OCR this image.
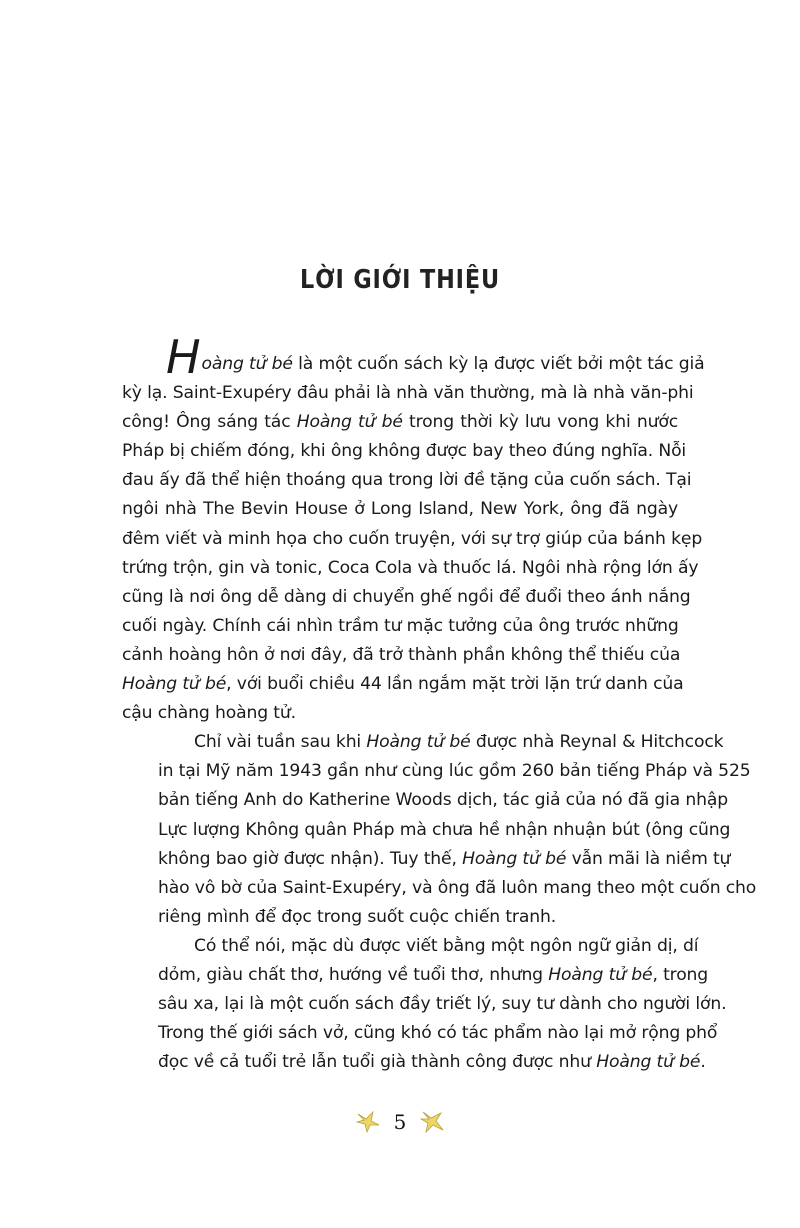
LỜI GIỚI THIỆU

Hoàng tử bé là một cuốn sách kỳ lạ được viết bởi một tác giả
kỳ lạ. Saint-Exupéry đâu phải là nhà văn thường, mà là nhà văn-phi
công! Ông sáng tác Hoàng tử bé trong thời kỳ lưu vong khi nước
Pháp bị chiếm đóng, khi ông không được bay theo đúng nghĩa. Nỗi
đau ấy đã thể hiện thoáng qua trong lời đề tặng của cuốn sách. Tại
ngôi nhà The Bevin House ở Long Island, New York, ông đã ngày
đêm viết và minh họa cho cuốn truyện, với sự trợ giúp của bánh kẹp
trứng trộn, gin và tonic, Coca Cola và thuốc lá. Ngôi nhà rộng lớn ấy
cũng là nơi ông dễ dàng di chuyển ghế ngồi để đuổi theo ánh nắng
cuối ngày. Chính cái nhìn trầm tư mặc tưởng của ông trước những
cảnh hoàng hôn ở nơi đây, đã trở thành phần không thể thiếu của
Hoàng tử bé, với buổi chiều 44 lần ngắm mặt trời lặn trứ danh của
cậu chàng hoàng tử.

Chỉ vài tuần sau khi Hoàng tử bé được nhà Reynal & Hitchcock
in tại Mỹ năm 1943 gần như cùng lúc gồm 260 bản tiếng Pháp và 525
bản tiếng Anh do Katherine Woods dịch, tác giả của nó đã gia nhập
Lực lượng Không quân Pháp mà chưa hề nhận nhuận bút (ông cũng
không bao giờ được nhận). Tuy thế, Hoàng tử bé vẫn mãi là niềm tự
hào vô bờ của Saint-Exupéry, và ông đã luôn mang theo một cuốn cho
riêng mình để đọc trong suốt cuộc chiến tranh.

Có thể nói, mặc dù được viết bằng một ngôn ngữ giản dị, dí
dỏm, giàu chất thơ, hướng về tuổi thơ, nhưng Hoàng tử bé, trong
sâu xa, lại là một cuốn sách đầy triết lý, suy tư dành cho người lớn.
Trong thế giới sách vở, cũng khó có tác phẩm nào lại mở rộng phổ
đọc về cả tuổi trẻ lẫn tuổi già thành công được như Hoàng tử bé.

5
